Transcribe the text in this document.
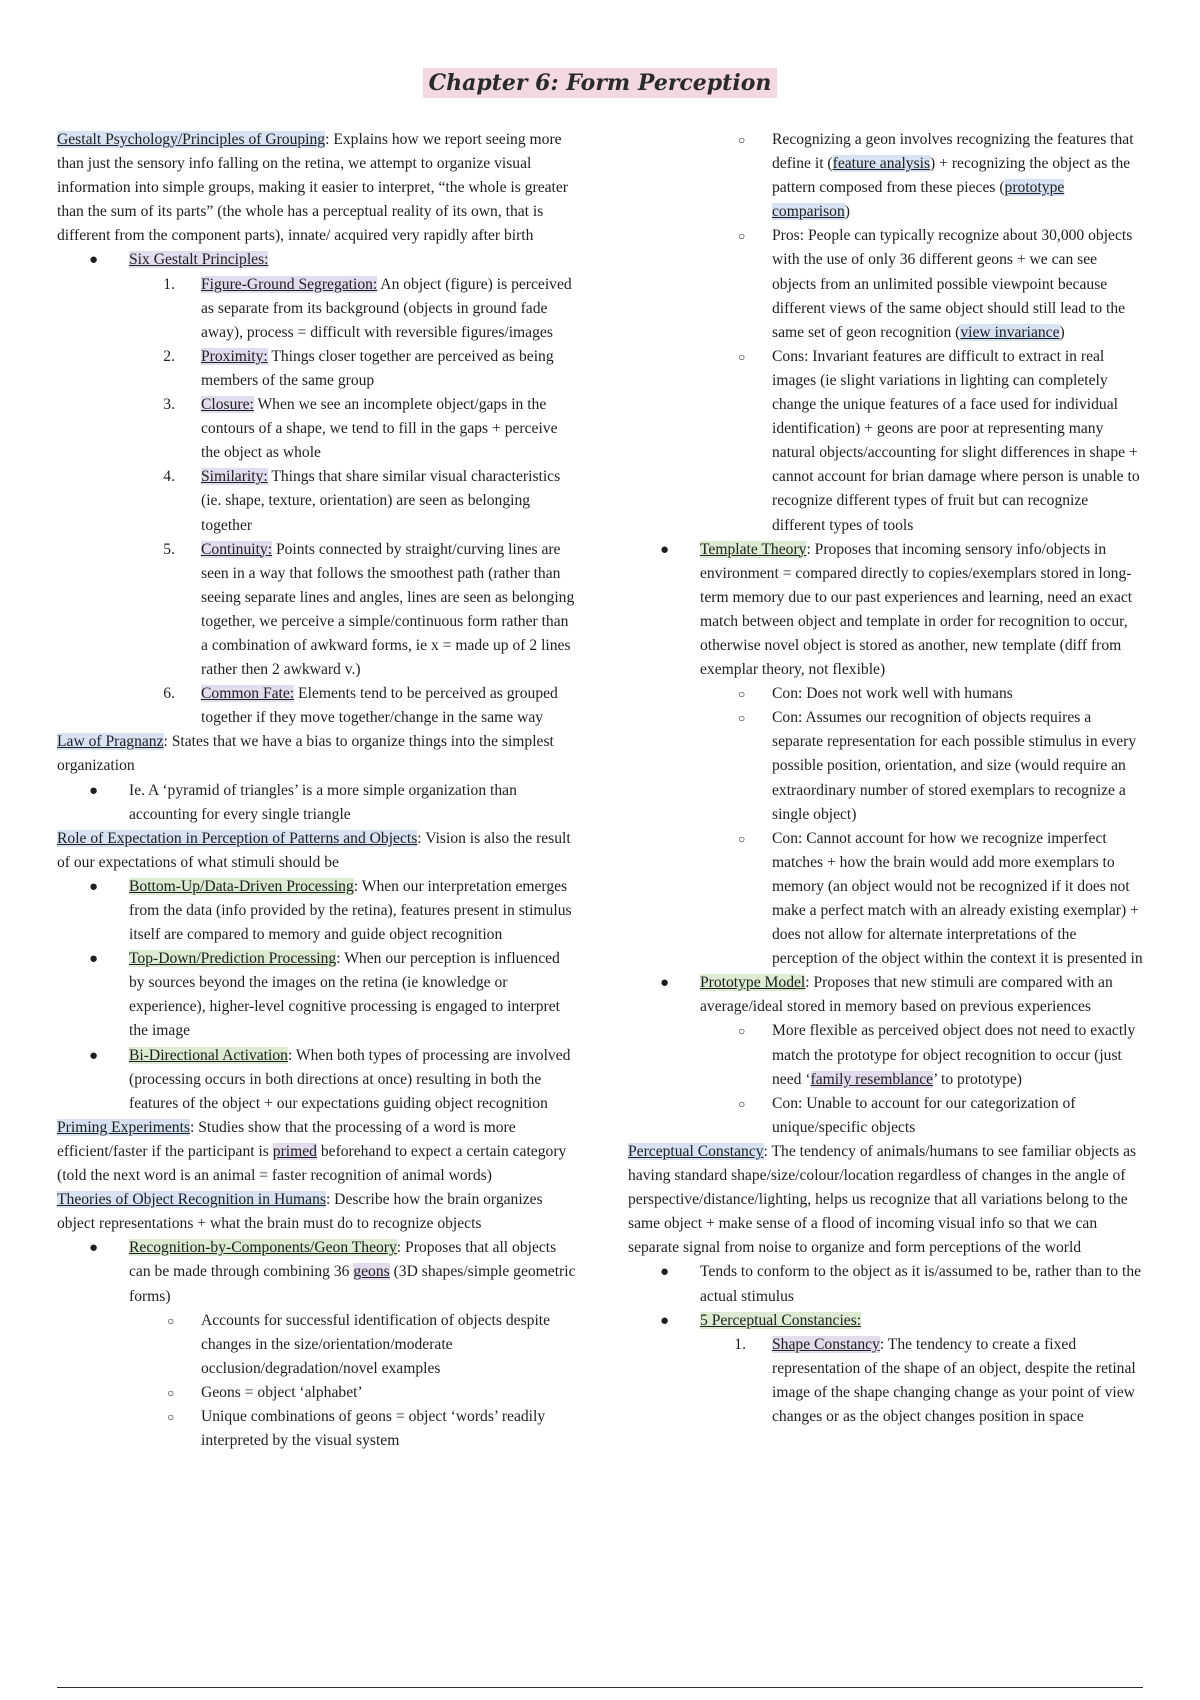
Chapter 6: Form Perception

Gestalt Psychology/Principles of Grouping: Explains how we report seeing more than just the sensory info falling on the retina, we attempt to organize visual information into simple groups, making it easier to interpret, “the whole is greater than the sum of its parts” (the whole has a perceptual reality of its own, that is different from the component parts), innate/ acquired very rapidly after birth

● Six Gestalt Principles:

1. Figure-Ground Segregation: An object (figure) is perceived as separate from its background (objects in ground fade away), process = difficult with reversible figures/images

2. Proximity: Things closer together are perceived as being members of the same group

3. Closure: When we see an incomplete object/gaps in the contours of a shape, we tend to fill in the gaps + perceive the object as whole

4. Similarity: Things that share similar visual characteristics (ie. shape, texture, orientation) are seen as belonging together

5. Continuity: Points connected by straight/curving lines are seen in a way that follows the smoothest path (rather than seeing separate lines and angles, lines are seen as belonging together, we perceive a simple/continuous form rather than a combination of awkward forms, ie x = made up of 2 lines rather then 2 awkward v.)

6. Common Fate: Elements tend to be perceived as grouped together if they move together/change in the same way

Law of Pragnanz: States that we have a bias to organize things into the simplest organization

● Ie. A ‘pyramid of triangles’ is a more simple organization than accounting for every single triangle

Role of Expectation in Perception of Patterns and Objects: Vision is also the result of our expectations of what stimuli should be

● Bottom-Up/Data-Driven Processing: When our interpretation emerges from the data (info provided by the retina), features present in stimulus itself are compared to memory and guide object recognition

● Top-Down/Prediction Processing: When our perception is influenced by sources beyond the images on the retina (ie knowledge or experience), higher-level cognitive processing is engaged to interpret the image

● Bi-Directional Activation: When both types of processing are involved (processing occurs in both directions at once) resulting in both the features of the object + our expectations guiding object recognition

Priming Experiments: Studies show that the processing of a word is more efficient/faster if the participant is primed beforehand to expect a certain category (told the next word is an animal = faster recognition of animal words)

Theories of Object Recognition in Humans: Describe how the brain organizes object representations + what the brain must do to recognize objects

● Recognition-by-Components/Geon Theory: Proposes that all objects can be made through combining 36 geons (3D shapes/simple geometric forms)

○ Accounts for successful identification of objects despite changes in the size/orientation/moderate occlusion/degradation/novel examples

○ Geons = object ‘alphabet’

○ Unique combinations of geons = object ‘words’ readily interpreted by the visual system

○ Recognizing a geon involves recognizing the features that define it (feature analysis) + recognizing the object as the pattern composed from these pieces (prototype comparison)

○ Pros: People can typically recognize about 30,000 objects with the use of only 36 different geons + we can see objects from an unlimited possible viewpoint because different views of the same object should still lead to the same set of geon recognition (view invariance)

○ Cons: Invariant features are difficult to extract in real images (ie slight variations in lighting can completely change the unique features of a face used for individual identification) + geons are poor at representing many natural objects/accounting for slight differences in shape + cannot account for brian damage where person is unable to recognize different types of fruit but can recognize different types of tools

● Template Theory: Proposes that incoming sensory info/objects in environment = compared directly to copies/exemplars stored in long-term memory due to our past experiences and learning, need an exact match between object and template in order for recognition to occur, otherwise novel object is stored as another, new template (diff from exemplar theory, not flexible)

○ Con: Does not work well with humans

○ Con: Assumes our recognition of objects requires a separate representation for each possible stimulus in every possible position, orientation, and size (would require an extraordinary number of stored exemplars to recognize a single object)

○ Con: Cannot account for how we recognize imperfect matches + how the brain would add more exemplars to memory (an object would not be recognized if it does not make a perfect match with an already existing exemplar) + does not allow for alternate interpretations of the perception of the object within the context it is presented in

● Prototype Model: Proposes that new stimuli are compared with an average/ideal stored in memory based on previous experiences

○ More flexible as perceived object does not need to exactly match the prototype for object recognition to occur (just need ‘family resemblance’ to prototype)

○ Con: Unable to account for our categorization of unique/specific objects

Perceptual Constancy: The tendency of animals/humans to see familiar objects as having standard shape/size/colour/location regardless of changes in the angle of perspective/distance/lighting, helps us recognize that all variations belong to the same object + make sense of a flood of incoming visual info so that we can separate signal from noise to organize and form perceptions of the world

● Tends to conform to the object as it is/assumed to be, rather than to the actual stimulus

● 5 Perceptual Constancies:

1. Shape Constancy: The tendency to create a fixed representation of the shape of an object, despite the retinal image of the shape changing change as your point of view changes or as the object changes position in space
